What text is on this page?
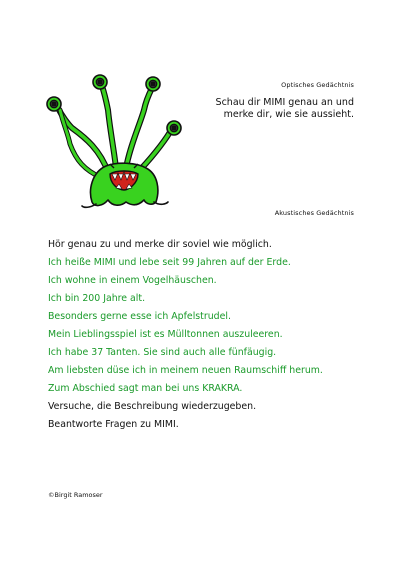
Optisches Gedächtnis
Schau dir MIMI genau an und
merke dir, wie sie aussieht.
Akustisches Gedächtnis
Hör genau zu und merke dir soviel wie möglich.
Ich heiße MIMI und lebe seit 99 Jahren auf der Erde.
Ich wohne in einem Vogelhäuschen.
Ich bin 200 Jahre alt.
Besonders gerne esse ich Apfelstrudel.
Mein Lieblingsspiel ist es Mülltonnen auszuleeren.
Ich habe 37 Tanten. Sie sind auch alle fünfäugig.
Am liebsten düse ich in meinem neuen Raumschiff herum.
Zum Abschied sagt man bei uns KRAKRA.
Versuche, die Beschreibung wiederzugeben.
Beantworte Fragen zu MIMI.
©Birgit Ramoser
